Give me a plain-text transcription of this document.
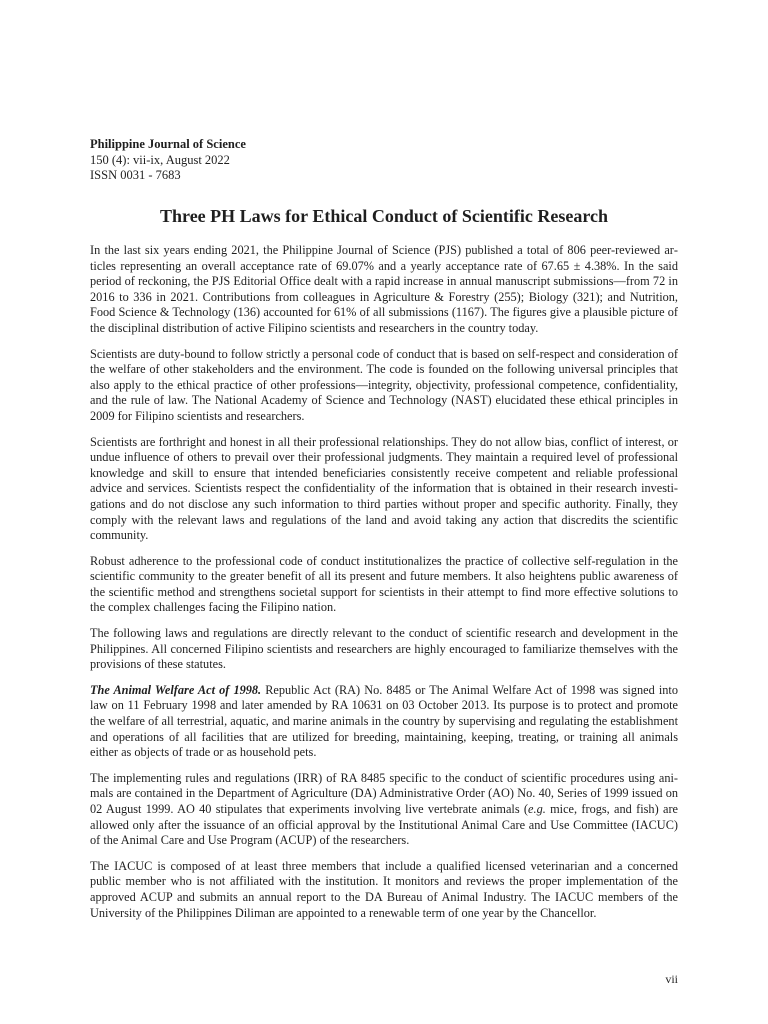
Philippine Journal of Science
150 (4): vii-ix, August 2022
ISSN 0031 - 7683
Three PH Laws for Ethical Conduct of Scientific Research

In the last six years ending 2021, the Philippine Journal of Science (PJS) published a total of 806 peer-reviewed articles representing an overall acceptance rate of 69.07% and a yearly acceptance rate of 67.65 ± 4.38%. In the said period of reckoning, the PJS Editorial Office dealt with a rapid increase in annual manuscript submissions—from 72 in 2016 to 336 in 2021. Contributions from colleagues in Agriculture & Forestry (255); Biology (321); and Nutrition, Food Science & Technology (136) accounted for 61% of all submissions (1167). The figures give a plausible picture of the disciplinal distribution of active Filipino scientists and researchers in the country today.

Scientists are duty-bound to follow strictly a personal code of conduct that is based on self-respect and consideration of the welfare of other stakeholders and the environment. The code is founded on the following universal principles that also apply to the ethical practice of other professions—integrity, objectivity, professional competence, confidentiality, and the rule of law. The National Academy of Science and Technology (NAST) elucidated these ethical principles in 2009 for Filipino scientists and researchers.

Scientists are forthright and honest in all their professional relationships. They do not allow bias, conflict of interest, or undue influence of others to prevail over their professional judgments. They maintain a required level of professional knowledge and skill to ensure that intended beneficiaries consistently receive competent and reliable professional advice and services. Scientists respect the confidentiality of the information that is obtained in their research investigations and do not disclose any such information to third parties without proper and specific authority. Finally, they comply with the relevant laws and regulations of the land and avoid taking any action that discredits the scientific community.

Robust adherence to the professional code of conduct institutionalizes the practice of collective self-regulation in the scientific community to the greater benefit of all its present and future members. It also heightens public awareness of the scientific method and strengthens societal support for scientists in their attempt to find more effective solutions to the complex challenges facing the Filipino nation.

The following laws and regulations are directly relevant to the conduct of scientific research and development in the Philippines. All concerned Filipino scientists and researchers are highly encouraged to familiarize themselves with the provisions of these statutes.

The Animal Welfare Act of 1998. Republic Act (RA) No. 8485 or The Animal Welfare Act of 1998 was signed into law on 11 February 1998 and later amended by RA 10631 on 03 October 2013. Its purpose is to protect and promote the welfare of all terrestrial, aquatic, and marine animals in the country by supervising and regulating the establishment and operations of all facilities that are utilized for breeding, maintaining, keeping, treating, or training all animals either as objects of trade or as household pets.

The implementing rules and regulations (IRR) of RA 8485 specific to the conduct of scientific procedures using animals are contained in the Department of Agriculture (DA) Administrative Order (AO) No. 40, Series of 1999 issued on 02 August 1999. AO 40 stipulates that experiments involving live vertebrate animals (e.g. mice, frogs, and fish) are allowed only after the issuance of an official approval by the Institutional Animal Care and Use Committee (IACUC) of the Animal Care and Use Program (ACUP) of the researchers.

The IACUC is composed of at least three members that include a qualified licensed veterinarian and a concerned public member who is not affiliated with the institution. It monitors and reviews the proper implementation of the approved ACUP and submits an annual report to the DA Bureau of Animal Industry. The IACUC members of the University of the Philippines Diliman are appointed to a renewable term of one year by the Chancellor.

vii
